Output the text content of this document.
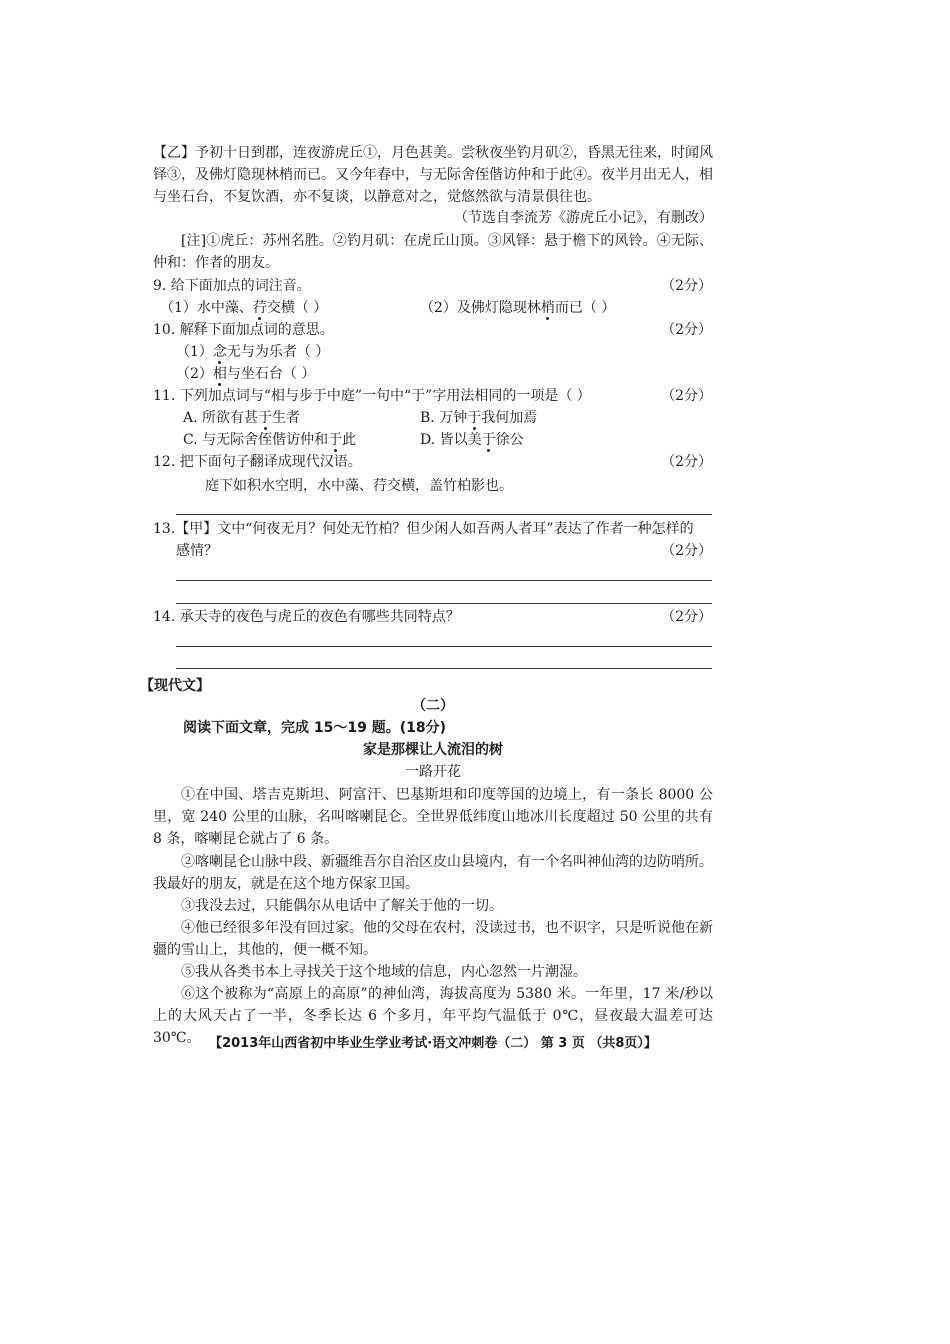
【乙】予初十日到郡，连夜游虎丘①，月色甚美。尝秋夜坐钓月矶②，昏黑无往来，时闻风铎③，及佛灯隐现林梢而已。又今年春中，与无际舍侄偕访仲和于此④。夜半月出无人，相与坐石台，不复饮酒，亦不复谈，以静意对之，觉悠然欲与清景俱往也。
（节选自李流芳《游虎丘小记》，有删改）
[注]①虎丘：苏州名胜。②钓月矶：在虎丘山顶。③风铎：悬于檐下的风铃。④无际、仲和：作者的朋友。
9. 给下面加点的词注音。	（2分）
（1）水中藻、荇交横（ ）	（2）及佛灯隐现林梢而已（ ）
10. 解释下面加点词的意思。	（2分）
（1）念无与为乐者（ ）
（2）相与坐石台（ ）
11. 下列加点词与“相与步于中庭”一句中“于”字用法相同的一项是（ ）	（2分）
A. 所欲有甚于生者	B. 万钟于我何加焉
C. 与无际舍侄偕访仲和于此	D. 皆以美于徐公
12. 把下面句子翻译成现代汉语。	（2分）
庭下如积水空明，水中藻、荇交横，盖竹柏影也。
13.【甲】文中“何夜无月？何处无竹柏？但少闲人如吾两人者耳”表达了作者一种怎样的
感情？	（2分）
14. 承天寺的夜色与虎丘的夜色有哪些共同特点？	（2分）
【现代文】
（二）
阅读下面文章，完成 15～19 题。(18分)
家是那棵让人流泪的树
一路开花
①在中国、塔吉克斯坦、阿富汗、巴基斯坦和印度等国的边境上，有一条长 8000 公里，宽 240 公里的山脉，名叫喀喇昆仑。全世界低纬度山地冰川长度超过 50 公里的共有 8 条，喀喇昆仑就占了 6 条。
②喀喇昆仑山脉中段、新疆维吾尔自治区皮山县境内，有一个名叫神仙湾的边防哨所。我最好的朋友，就是在这个地方保家卫国。
③我没去过，只能偶尔从电话中了解关于他的一切。
④他已经很多年没有回过家。他的父母在农村，没读过书，也不识字，只是听说他在新疆的雪山上，其他的，便一概不知。
⑤我从各类书本上寻找关于这个地域的信息，内心忽然一片潮湿。
⑥这个被称为“高原上的高原”的神仙湾，海拔高度为 5380 米。一年里，17 米/秒以上的大风天占了一半，冬季长达 6 个多月，年平均气温低于 0℃，昼夜最大温差可达 30℃。 【2013年山西省初中毕业生学业考试·语文冲刺卷（二） 第 3 页 （共8页）】
